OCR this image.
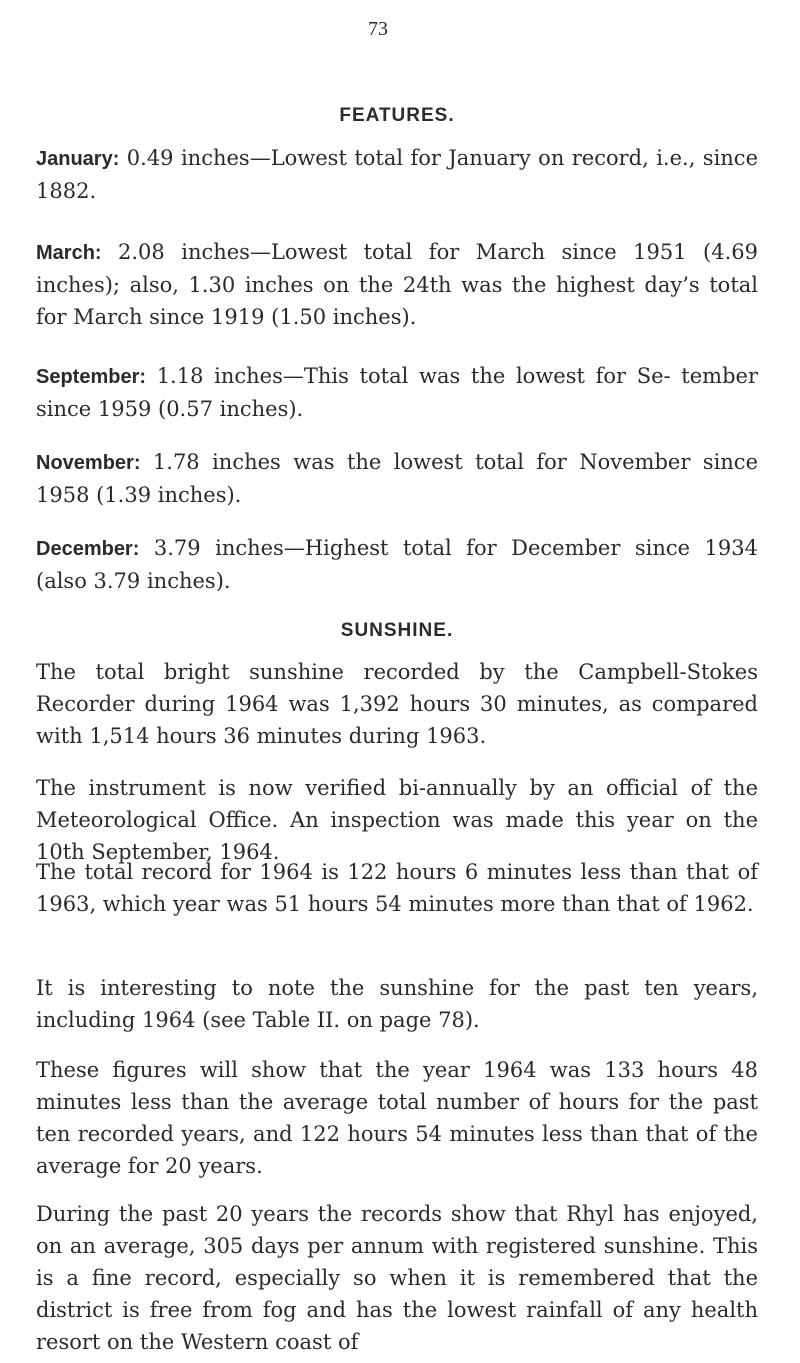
73
FEATURES.
January: 0.49 inches—Lowest total for January on record, i.e., since 1882.
March: 2.08 inches—Lowest total for March since 1951 (4.69 inches); also, 1.30 inches on the 24th was the highest day’s total for March since 1919 (1.50 inches).
September: 1.18 inches—This total was the lowest for Se- tember since 1959 (0.57 inches).
November: 1.78 inches was the lowest total for November since 1958 (1.39 inches).
December: 3.79 inches—Highest total for December since 1934 (also 3.79 inches).
SUNSHINE.
The total bright sunshine recorded by the Campbell-Stokes Recorder during 1964 was 1,392 hours 30 minutes, as compared with 1,514 hours 36 minutes during 1963.
The instrument is now verified bi-annually by an official of the Meteorological Office. An inspection was made this year on the 10th September, 1964.
The total record for 1964 is 122 hours 6 minutes less than that of 1963, which year was 51 hours 54 minutes more than that of 1962.
It is interesting to note the sunshine for the past ten years, including 1964 (see Table II. on page 78).
These figures will show that the year 1964 was 133 hours 48 minutes less than the average total number of hours for the past ten recorded years, and 122 hours 54 minutes less than that of the average for 20 years.
During the past 20 years the records show that Rhyl has enjoyed, on an average, 305 days per annum with registered sunshine. This is a fine record, especially so when it is remembered that the district is free from fog and has the lowest rainfall of any health resort on the Western coast of
